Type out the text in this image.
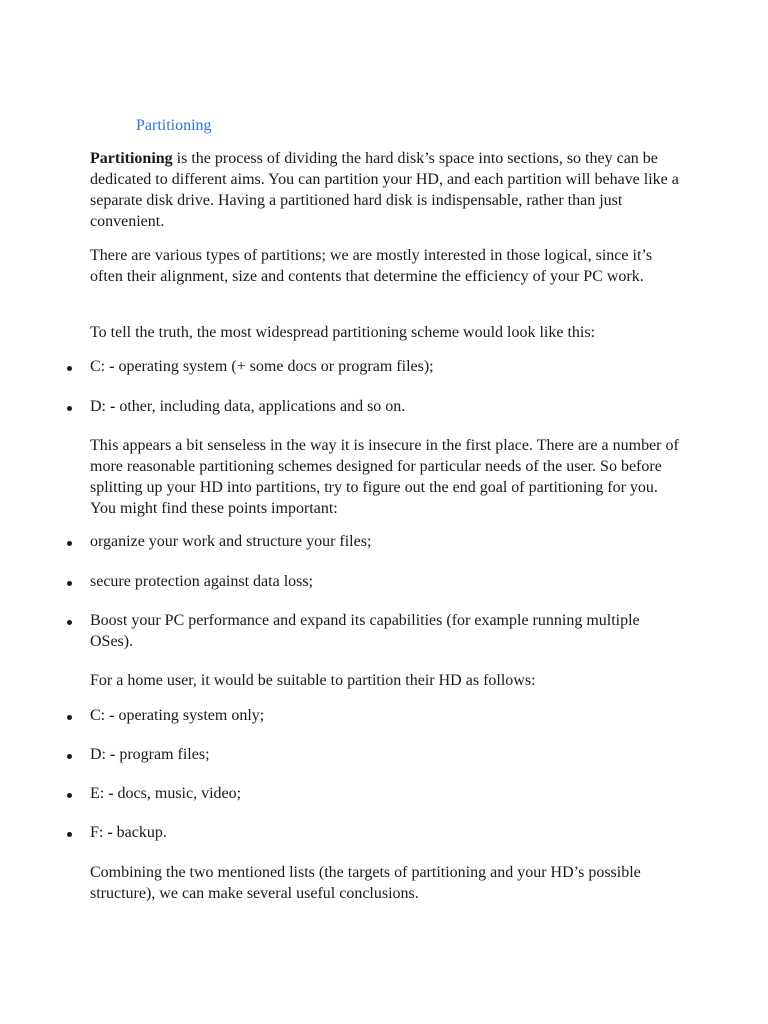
Partitioning

Partitioning is the process of dividing the hard disk’s space into sections, so they can be dedicated to different aims. You can partition your HD, and each partition will behave like a separate disk drive. Having a partitioned hard disk is indispensable, rather than just convenient.

There are various types of partitions; we are mostly interested in those logical, since it’s often their alignment, size and contents that determine the efficiency of your PC work.

To tell the truth, the most widespread partitioning scheme would look like this:

C: - operating system (+ some docs or program files);

D: - other, including data, applications and so on.

This appears a bit senseless in the way it is insecure in the first place. There are a number of more reasonable partitioning schemes designed for particular needs of the user. So before splitting up your HD into partitions, try to figure out the end goal of partitioning for you. You might find these points important:

organize your work and structure your files;

secure protection against data loss;

Boost your PC performance and expand its capabilities (for example running multiple OSes).

For a home user, it would be suitable to partition their HD as follows:

C: - operating system only;

D: - program files;

E: - docs, music, video;

F: - backup.

Combining the two mentioned lists (the targets of partitioning and your HD’s possible structure), we can make several useful conclusions.
